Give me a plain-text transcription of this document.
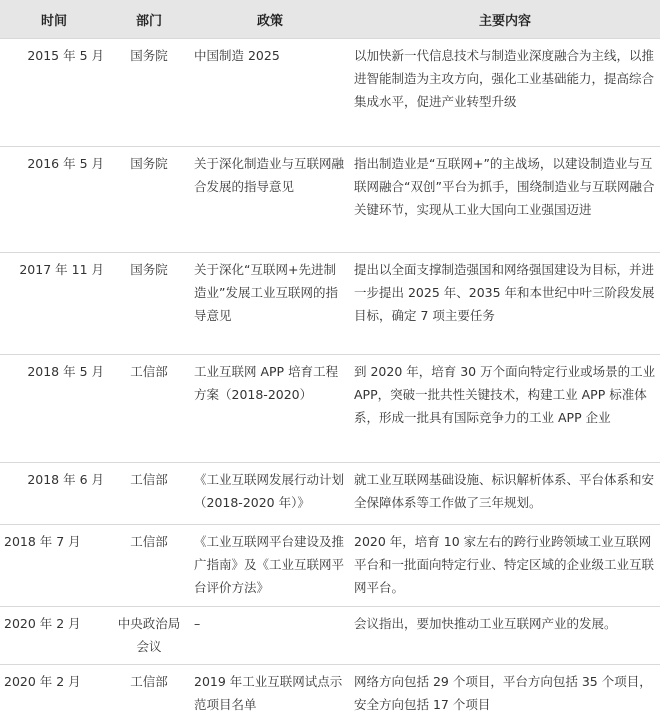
时间	部门	政策	主要内容
2015 年 5 月	国务院	中国制造 2025	以加快新一代信息技术与制造业深度融合为主线，以推进智能制造为主攻方向，强化工业基础能力，提高综合集成水平，促进产业转型升级
2016 年 5 月	国务院	关于深化制造业与互联网融合发展的指导意见	指出制造业是“互联网+”的主战场，以建设制造业与互联网融合“双创”平台为抓手，围绕制造业与互联网融合关键环节，实现从工业大国向工业强国迈进
2017 年 11 月	国务院	关于深化“互联网+先进制造业”发展工业互联网的指导意见	提出以全面支撑制造强国和网络强国建设为目标，并进一步提出 2025 年、2035 年和本世纪中叶三阶段发展目标，确定 7 项主要任务
2018 年 5 月	工信部	工业互联网 APP 培育工程方案（2018-2020）	到 2020 年，培育 30 万个面向特定行业或场景的工业 APP，突破一批共性关键技术，构建工业 APP 标准体系，形成一批具有国际竞争力的工业 APP 企业
2018 年 6 月	工信部	《工业互联网发展行动计划（2018-2020 年）》	就工业互联网基础设施、标识解析体系、平台体系和安全保障体系等工作做了三年规划。
2018 年 7 月	工信部	《工业互联网平台建设及推广指南》及《工业互联网平台评价方法》	2020 年，培育 10 家左右的跨行业跨领域工业互联网平台和一批面向特定行业、特定区域的企业级工业互联网平台。
2020 年 2 月	中央政治局会议	–	会议指出，要加快推动工业互联网产业的发展。
2020 年 2 月	工信部	2019 年工业互联网试点示范项目名单	网络方向包括 29 个项目，平台方向包括 35 个项目，安全方向包括 17 个项目
